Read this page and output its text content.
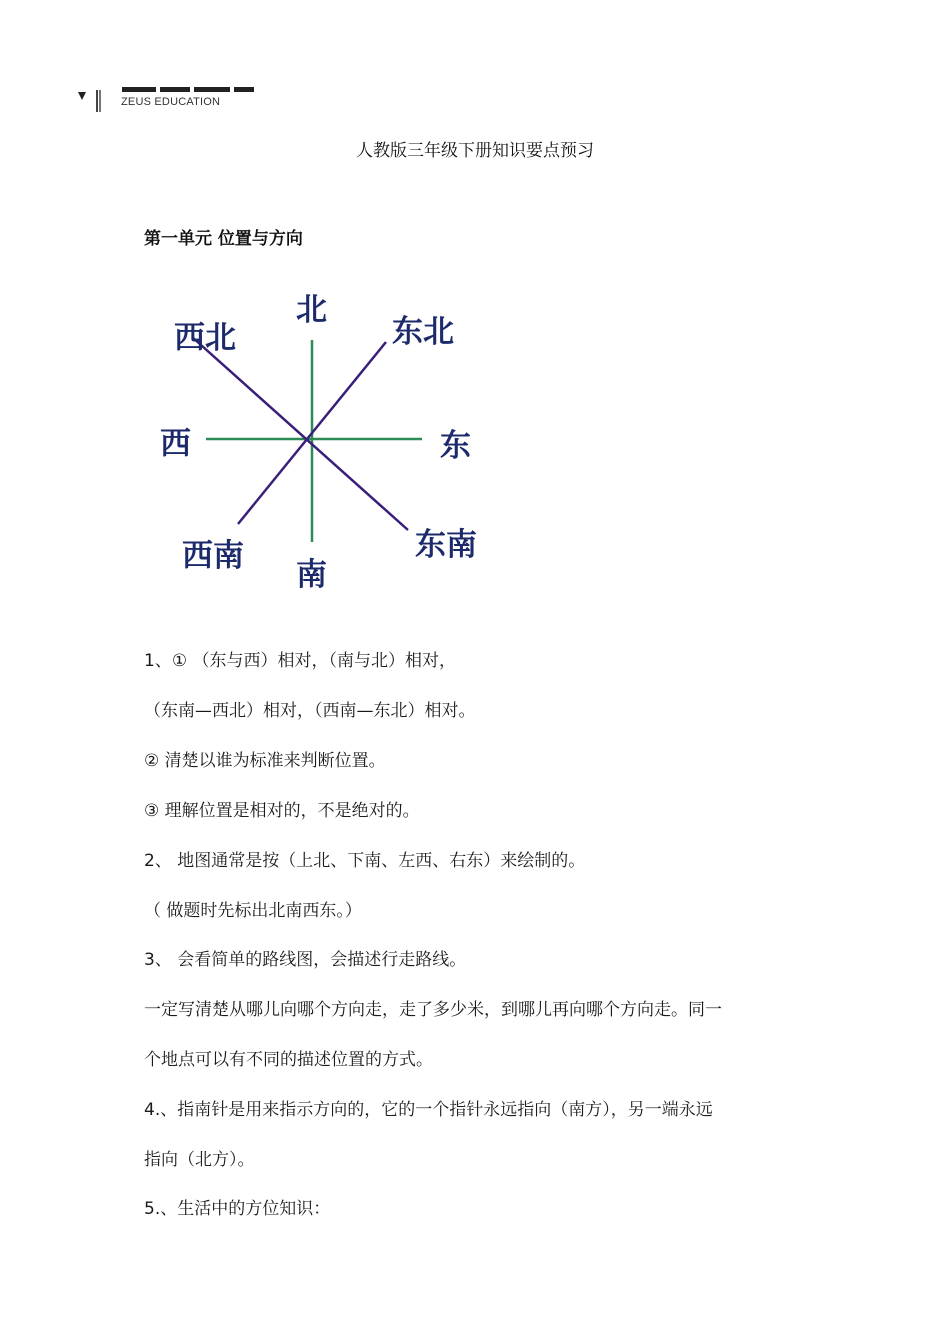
ZEUS EDUCATION
人教版三年级下册知识要点预习
第一单元 位置与方向
北
西北	东北
西	东
西南	东南
南
1、① （东与西）相对，（南与北）相对，
（东南—西北）相对，（西南—东北）相对。
② 清楚以谁为标准来判断位置。
③ 理解位置是相对的，不是绝对的。
2、 地图通常是按（上北、下南、左西、右东）来绘制的。
（ 做题时先标出北南西东。）
3、 会看简单的路线图，会描述行走路线。
一定写清楚从哪儿向哪个方向走，走了多少米，到哪儿再向哪个方向走。同一
个地点可以有不同的描述位置的方式。
4.、指南针是用来指示方向的，它的一个指针永远指向（南方），另一端永远
指向（北方）。
5.、生活中的方位知识：
